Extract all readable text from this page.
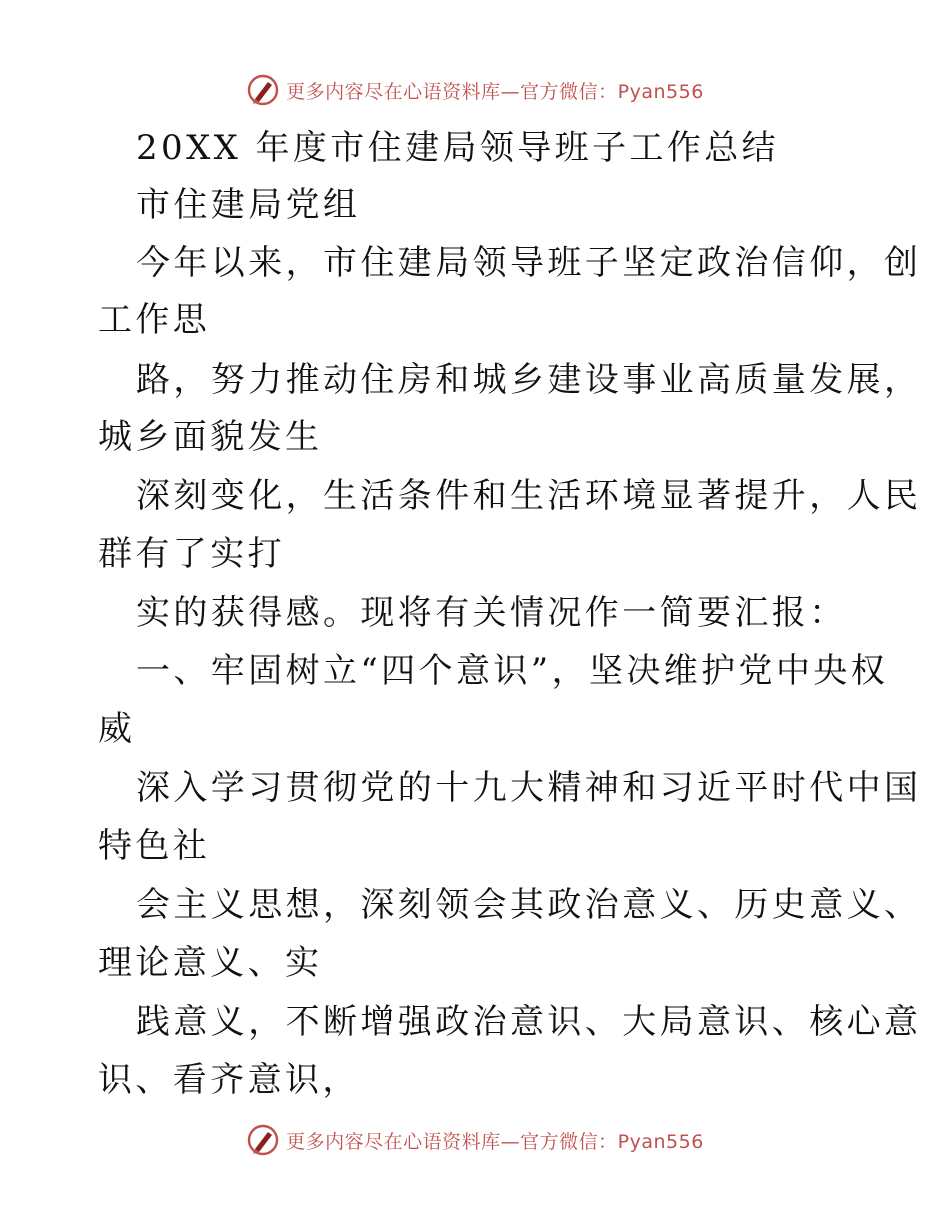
更多内容尽在心语资料库—官方微信：Pyan556
20XX 年度市住建局领导班子工作总结
市住建局党组
今年以来，市住建局领导班子坚定政治信仰，创
工作思
路，努力推动住房和城乡建设事业高质量发展，
城乡面貌发生
深刻变化，生活条件和生活环境显著提升，人民
群有了实打
实的获得感。现将有关情况作一简要汇报：
一、牢固树立“四个意识”，坚决维护党中央权
威
深入学习贯彻党的十九大精神和习近平时代中国
特色社
会主义思想，深刻领会其政治意义、历史意义、
理论意义、实
践意义，不断增强政治意识、大局意识、核心意
识、看齐意识，
更多内容尽在心语资料库—官方微信：Pyan556
